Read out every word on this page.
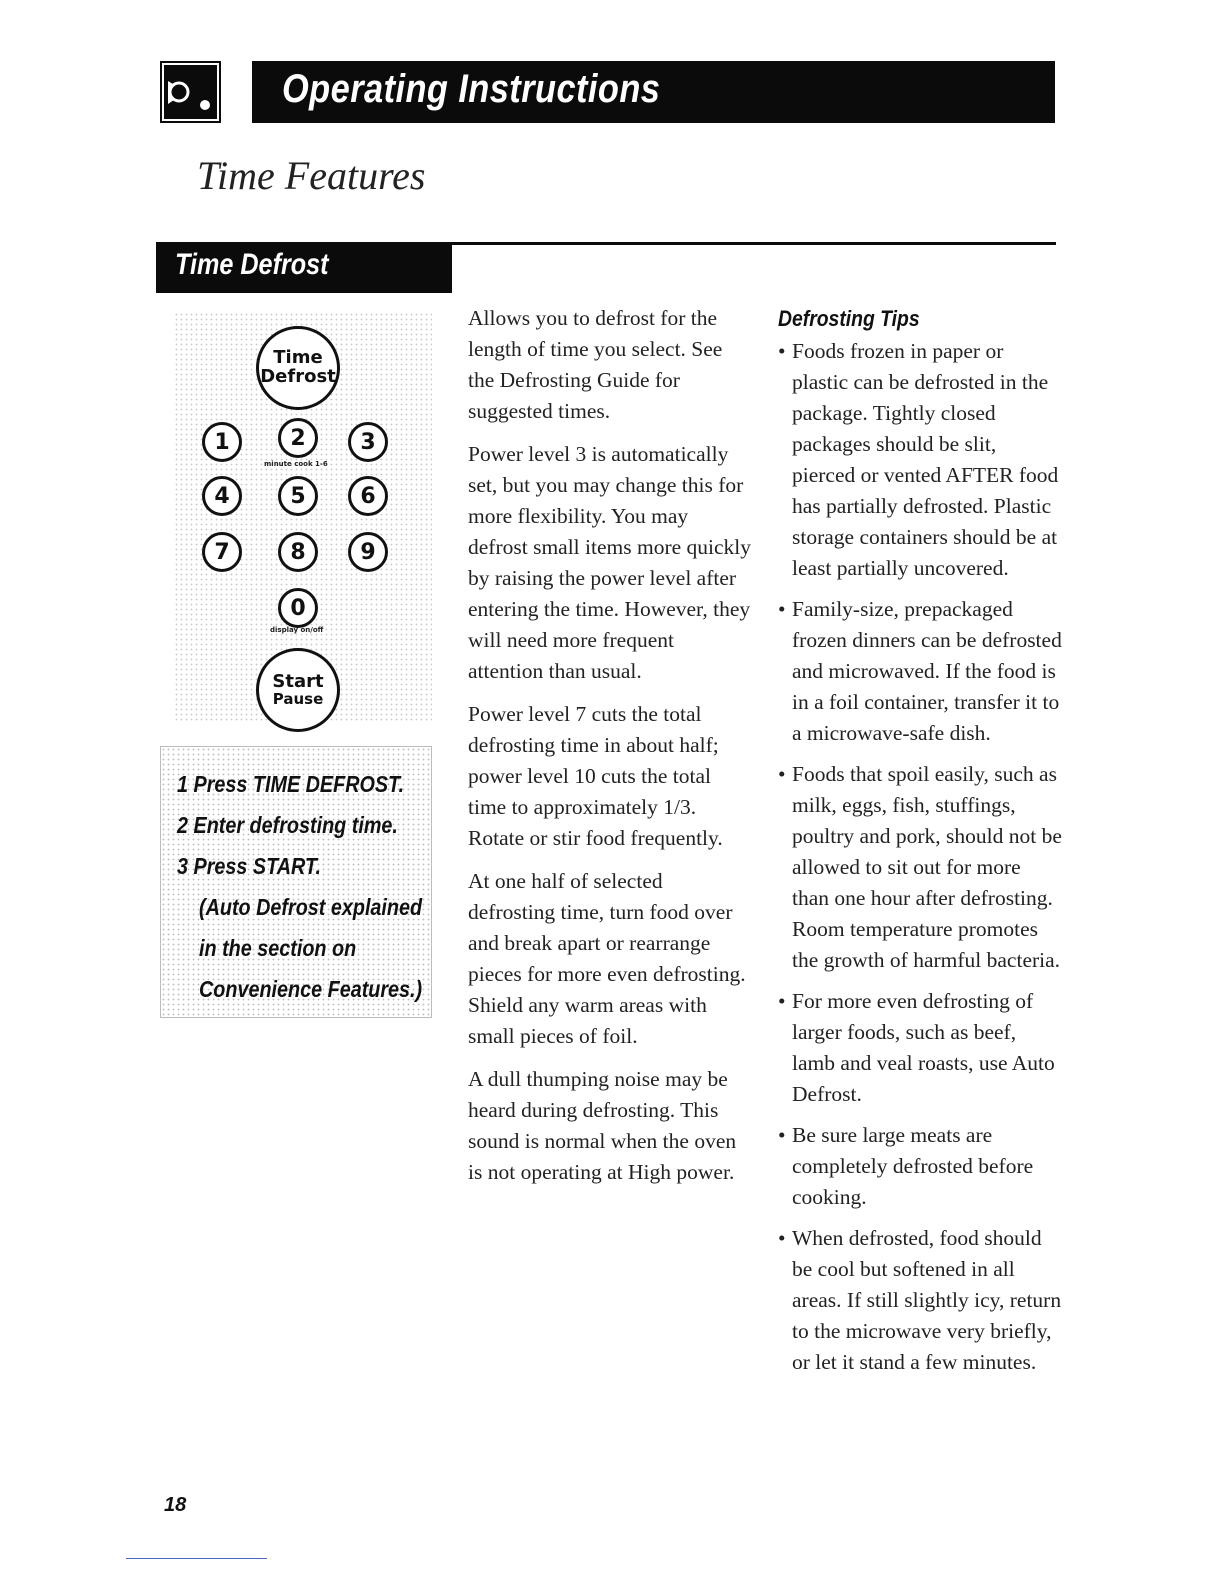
Operating Instructions
Time Features
Time Defrost
Time
Defrost
1	2	3
minute cook 1-6
4	5	6
7	8	9
0
display on/off
Start
Pause
1 Press TIME DEFROST.
2 Enter defrosting time.
3 Press START.
(Auto Defrost explained
in the section on
Convenience Features.)

Allows you to defrost for the length of time you select. See the Defrosting Guide for suggested times.

Power level 3 is automatically set, but you may change this for more flexibility. You may defrost small items more quickly by raising the power level after entering the time. However, they will need more frequent attention than usual.

Power level 7 cuts the total defrosting time in about half; power level 10 cuts the total time to approximately 1/3. Rotate or stir food frequently.

At one half of selected defrosting time, turn food over and break apart or rearrange pieces for more even defrosting. Shield any warm areas with small pieces of foil.

A dull thumping noise may be heard during defrosting. This sound is normal when the oven is not operating at High power.

Defrosting Tips
• Foods frozen in paper or plastic can be defrosted in the package. Tightly closed packages should be slit, pierced or vented AFTER food has partially defrosted. Plastic storage containers should be at least partially uncovered.
• Family-size, prepackaged frozen dinners can be defrosted and microwaved. If the food is in a foil container, transfer it to a microwave-safe dish.
• Foods that spoil easily, such as milk, eggs, fish, stuffings, poultry and pork, should not be allowed to sit out for more than one hour after defrosting. Room temperature promotes the growth of harmful bacteria.
• For more even defrosting of larger foods, such as beef, lamb and veal roasts, use Auto Defrost.
• Be sure large meats are completely defrosted before cooking.
• When defrosted, food should be cool but softened in all areas. If still slightly icy, return to the microwave very briefly, or let it stand a few minutes.
18
